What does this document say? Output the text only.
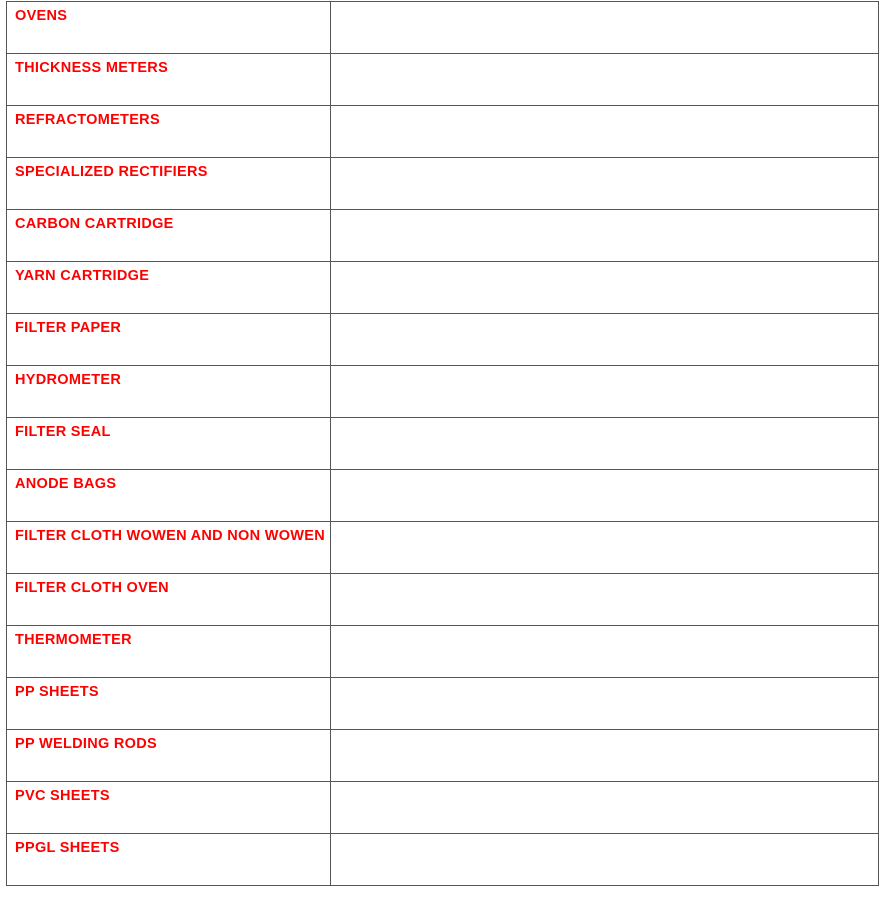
OVENS	

THICKNESS METERS	

REFRACTOMETERS	

SPECIALIZED RECTIFIERS	

CARBON CARTRIDGE	

YARN CARTRIDGE	

FILTER PAPER	

HYDROMETER	

FILTER SEAL	

ANODE BAGS	

FILTER CLOTH WOWEN AND NON WOWEN	

FILTER CLOTH OVEN	

THERMOMETER	

PP SHEETS	

PP WELDING RODS	

PVC SHEETS	

PPGL SHEETS	
